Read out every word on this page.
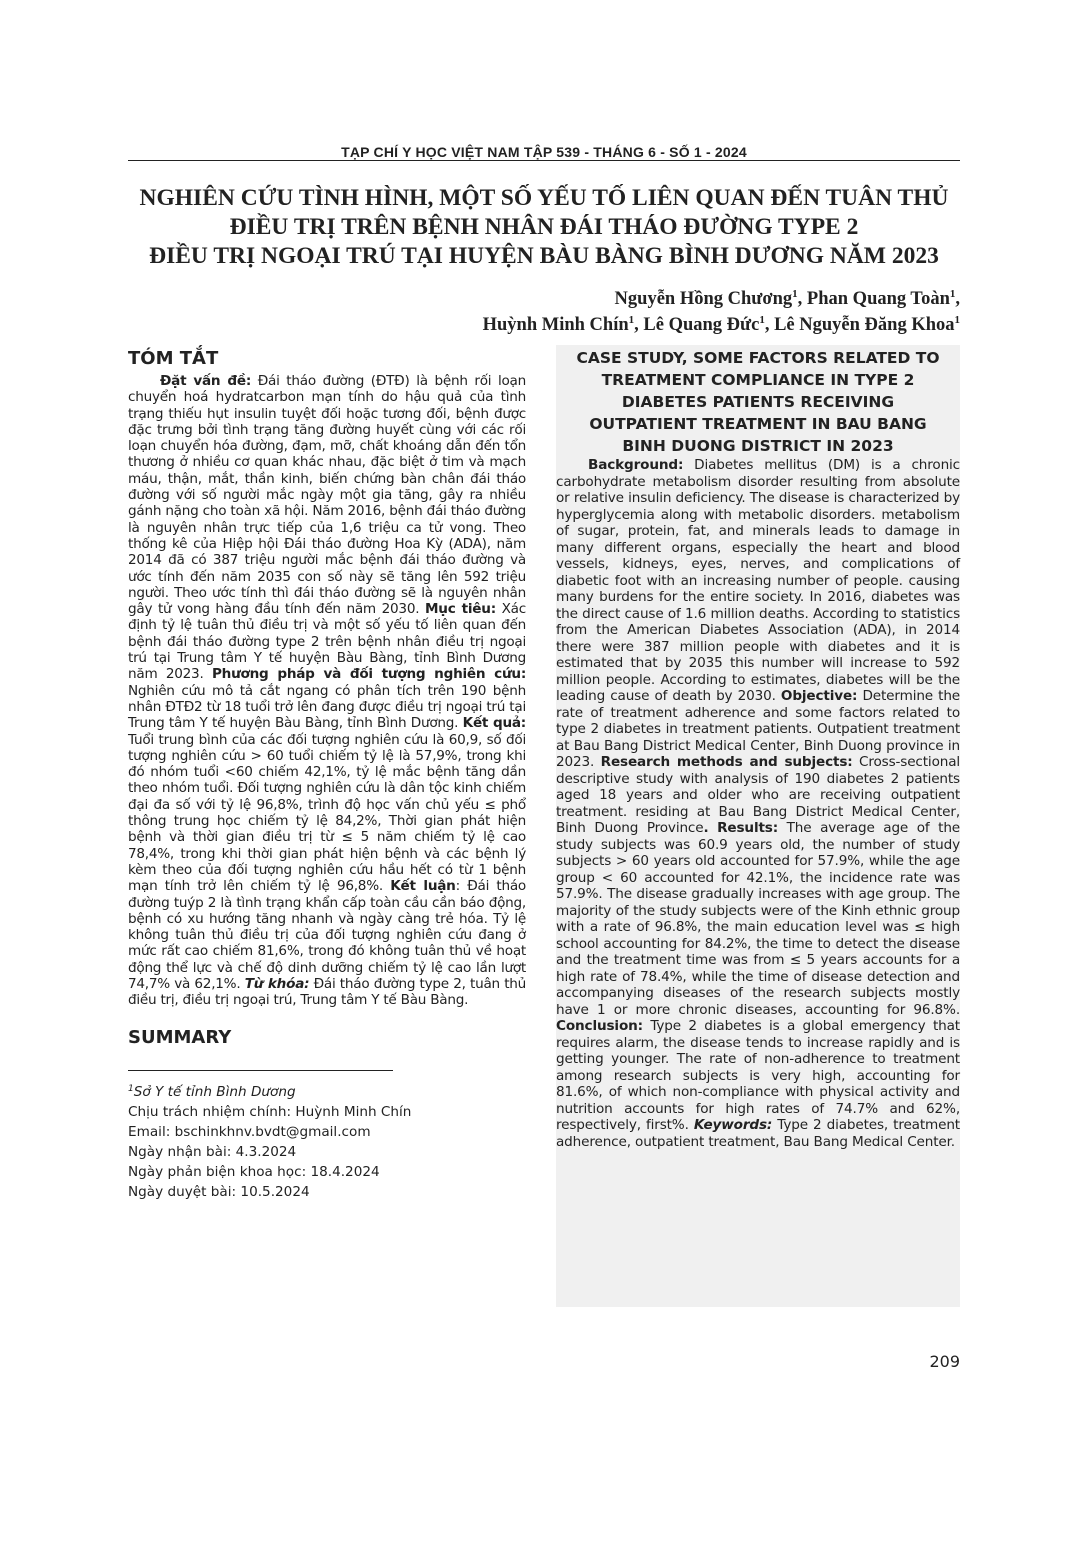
TẠP CHÍ Y HỌC VIỆT NAM TẬP 539 - THÁNG 6 - SỐ 1 - 2024
NGHIÊN CỨU TÌNH HÌNH, MỘT SỐ YẾU TỐ LIÊN QUAN ĐẾN TUÂN THỦ
ĐIỀU TRỊ TRÊN BỆNH NHÂN ĐÁI THÁO ĐƯỜNG TYPE 2
ĐIỀU TRỊ NGOẠI TRÚ TẠI HUYỆN BÀU BÀNG BÌNH DƯƠNG NĂM 2023
Nguyễn Hồng Chương$^1$, Phan Quang Toàn$^1$,
Huỳnh Minh Chín$^1$, Lê Quang Đức$^1$, Lê Nguyễn Đăng Khoa$^1$
TÓM TẮT

Đặt vấn đề: Đái tháo đường (ĐTĐ) là bệnh rối loạn chuyển hoá hydratcarbon mạn tính do hậu quả của tình trạng thiếu hụt insulin tuyệt đối hoặc tương đối, bệnh được đặc trưng bởi tình trạng tăng đường huyết cùng với các rối loạn chuyển hóa đường, đạm, mỡ, chất khoáng dẫn đến tổn thương ở nhiều cơ quan khác nhau, đặc biệt ở tim và mạch máu, thận, mắt, thần kinh, biến chứng bàn chân đái tháo đường với số người mắc ngày một gia tăng, gây ra nhiều gánh nặng cho toàn xã hội. Năm 2016, bệnh đái tháo đường là nguyên nhân trực tiếp của 1,6 triệu ca tử vong. Theo thống kê của Hiệp hội Đái tháo đường Hoa Kỳ (ADA), năm 2014 đã có 387 triệu người mắc bệnh đái tháo đường và ước tính đến năm 2035 con số này sẽ tăng lên 592 triệu người. Theo ước tính thì đái tháo đường sẽ là nguyên nhân gây tử vong hàng đầu tính đến năm 2030. Mục tiêu: Xác định tỷ lệ tuân thủ điều trị và một số yếu tố liên quan đến bệnh đái tháo đường type 2 trên bệnh nhân điều trị ngoại trú tại Trung tâm Y tế huyện Bàu Bàng, tỉnh Bình Dương năm 2023. Phương pháp và đối tượng nghiên cứu: Nghiên cứu mô tả cắt ngang có phân tích trên 190 bệnh nhân ĐTĐ2 từ 18 tuổi trở lên đang được điều trị ngoại trú tại Trung tâm Y tế huyện Bàu Bàng, tỉnh Bình Dương. Kết quả: Tuổi trung bình của các đối tượng nghiên cứu là 60,9, số đối tượng nghiên cứu > 60 tuổi chiếm tỷ lệ là 57,9%, trong khi đó nhóm tuổi <60 chiếm 42,1%, tỷ lệ mắc bệnh tăng dần theo nhóm tuổi. Đối tượng nghiên cứu là dân tộc kinh chiếm đại đa số với tỷ lệ 96,8%, trình độ học vấn chủ yếu ≤ phổ thông trung học chiếm tỷ lệ 84,2%, Thời gian phát hiện bệnh và thời gian điều trị từ ≤ 5 năm chiếm tỷ lệ cao 78,4%, trong khi thời gian phát hiện bệnh và các bệnh lý kèm theo của đối tượng nghiên cứu hầu hết có từ 1 bệnh mạn tính trở lên chiếm tỷ lệ 96,8%. Kết luận: Đái tháo đường tuýp 2 là tình trạng khẩn cấp toàn cầu cần báo động, bệnh có xu hướng tăng nhanh và ngày càng trẻ hóa. Tỷ lệ không tuân thủ điều trị của đối tượng nghiên cứu đang ở mức rất cao chiếm 81,6%, trong đó không tuân thủ về hoạt động thể lực và chế độ dinh dưỡng chiếm tỷ lệ cao lần lượt 74,7% và 62,1%. Từ khóa: Đái tháo đường type 2, tuân thủ điều trị, điều trị ngoại trú, Trung tâm Y tế Bàu Bàng.

SUMMARY
$^1$Sở Y tế tỉnh Bình Dương
Chịu trách nhiệm chính: Huỳnh Minh Chín
Email: bschinkhnv.bvdt@gmail.com
Ngày nhận bài: 4.3.2024
Ngày phản biện khoa học: 18.4.2024
Ngày duyệt bài: 10.5.2024
CASE STUDY, SOME FACTORS RELATED TO
TREATMENT COMPLIANCE IN TYPE 2
DIABETES PATIENTS RECEIVING
OUTPATIENT TREATMENT IN BAU BANG
BINH DUONG DISTRICT IN 2023

Background: Diabetes mellitus (DM) is a chronic carbohydrate metabolism disorder resulting from absolute or relative insulin deficiency. The disease is characterized by hyperglycemia along with metabolic disorders. metabolism of sugar, protein, fat, and minerals leads to damage in many different organs, especially the heart and blood vessels, kidneys, eyes, nerves, and complications of diabetic foot with an increasing number of people. causing many burdens for the entire society. In 2016, diabetes was the direct cause of 1.6 million deaths. According to statistics from the American Diabetes Association (ADA), in 2014 there were 387 million people with diabetes and it is estimated that by 2035 this number will increase to 592 million people. According to estimates, diabetes will be the leading cause of death by 2030. Objective: Determine the rate of treatment adherence and some factors related to type 2 diabetes in treatment patients. Outpatient treatment at Bau Bang District Medical Center, Binh Duong province in 2023. Research methods and subjects: Cross-sectional descriptive study with analysis of 190 diabetes 2 patients aged 18 years and older who are receiving outpatient treatment. residing at Bau Bang District Medical Center, Binh Duong Province. Results: The average age of the study subjects was 60.9 years old, the number of study subjects > 60 years old accounted for 57.9%, while the age group < 60 accounted for 42.1%, the incidence rate was 57.9%. The disease gradually increases with age group. The majority of the study subjects were of the Kinh ethnic group with a rate of 96.8%, the main education level was ≤ high school accounting for 84.2%, the time to detect the disease and the treatment time was from ≤ 5 years accounts for a high rate of 78.4%, while the time of disease detection and accompanying diseases of the research subjects mostly have 1 or more chronic diseases, accounting for 96.8%. Conclusion: Type 2 diabetes is a global emergency that requires alarm, the disease tends to increase rapidly and is getting younger. The rate of non-adherence to treatment among research subjects is very high, accounting for 81.6%, of which non-compliance with physical activity and nutrition accounts for high rates of 74.7% and 62%, respectively, first%. Keywords: Type 2 diabetes, treatment adherence, outpatient treatment, Bau Bang Medical Center.

209
